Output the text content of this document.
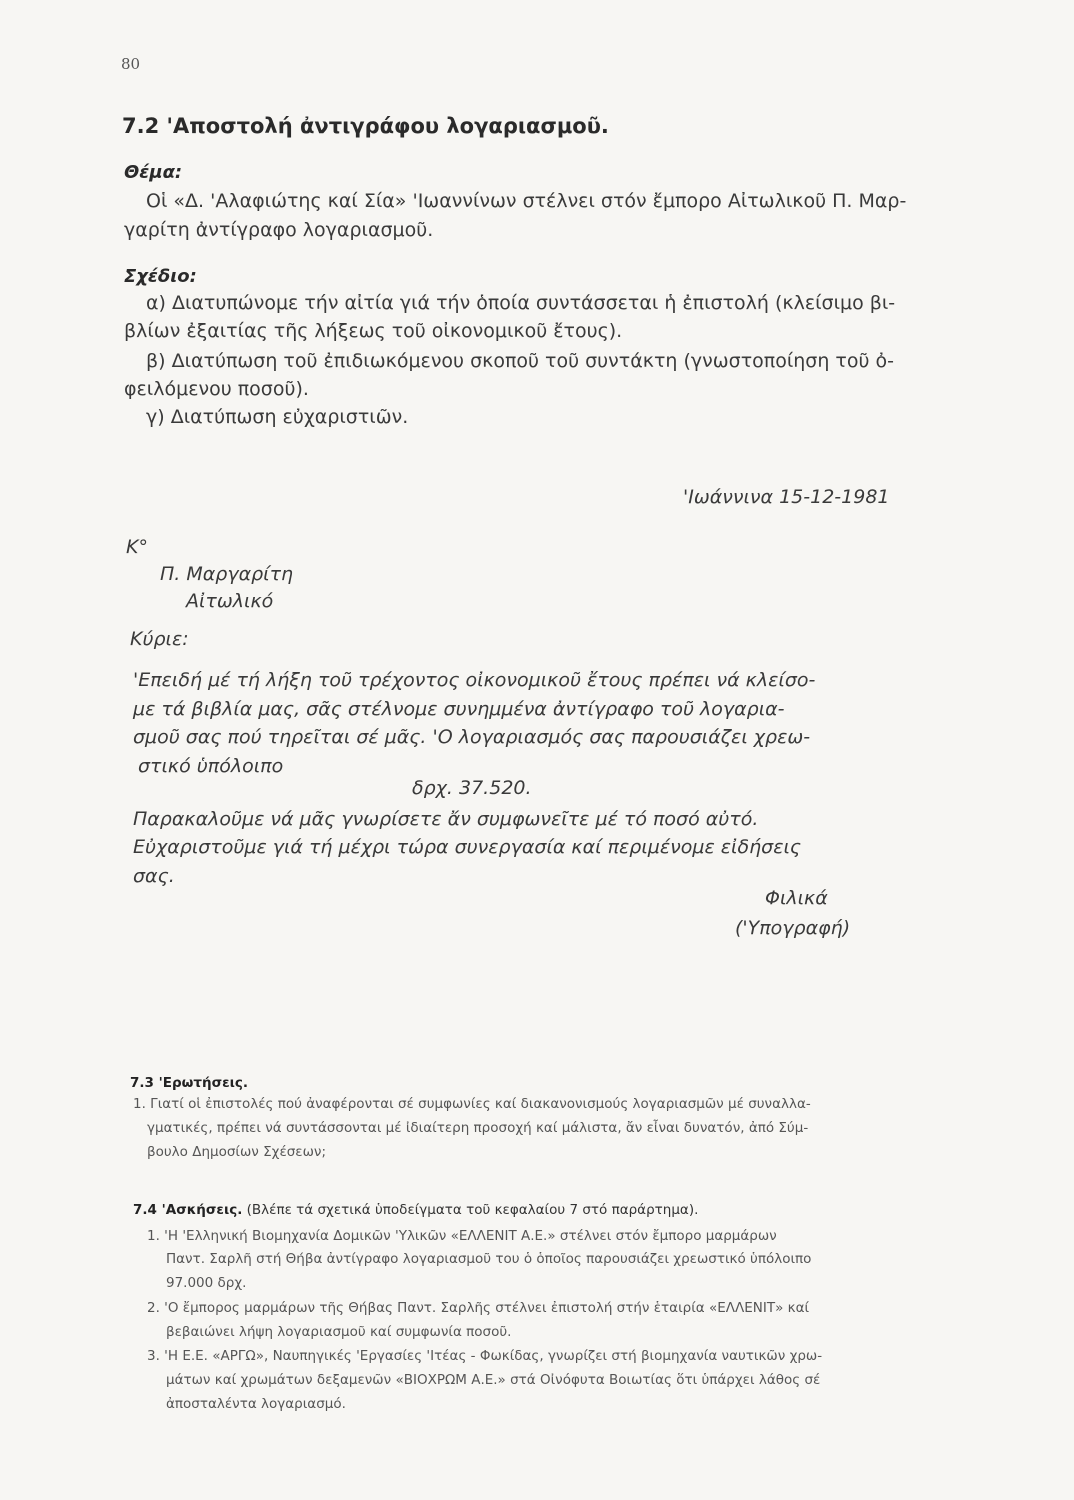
80
7.2 'Αποστολή ἀντιγράφου λογαριασμοῦ.
Θέμα:

Οἱ «Δ. 'Αλαφιώτης καί Σία» 'Ιωαννίνων στέλνει στόν ἔμπορο Αἰτωλικοῦ Π. Μαρ-

γαρίτη ἀντίγραφο λογαριασμοῦ.

Σχέδιο:

α) Διατυπώνομε τήν αἰτία γιά τήν ὁποία συντάσσεται ἡ ἐπιστολή (κλείσιμο βι-

βλίων ἐξαιτίας τῆς λήξεως τοῦ οἰκονομικοῦ ἔτους).

β) Διατύπωση τοῦ ἐπιδιωκόμενου σκοποῦ τοῦ συντάκτη (γνωστοποίηση τοῦ ὀ-

φειλόμενου ποσοῦ).

γ) Διατύπωση εὐχαριστιῶν.

'Ιωάννινα 15-12-1981

Κ°

Π. Μαργαρίτη

Αἰτωλικό

Κύριε:

'Επειδή μέ τή λήξη τοῦ τρέχοντος οἰκονομικοῦ ἔτους πρέπει νά κλείσο-

με τά βιβλία μας, σᾶς στέλνομε συνημμένα ἀντίγραφο τοῦ λογαρια-

σμοῦ σας πού τηρεῖται σέ μᾶς. 'Ο λογαριασμός σας παρουσιάζει χρεω-

στικό ὑπόλοιπο

δρχ. 37.520.

Παρακαλοῦμε νά μᾶς γνωρίσετε ἄν συμφωνεῖτε μέ τό ποσό αὐτό.

Εὐχαριστοῦμε γιά τή μέχρι τώρα συνεργασία καί περιμένομε εἰδήσεις

σας.

Φιλικά

('Υπογραφή)

7.3 'Ερωτήσεις.

1. Γιατί οἱ ἐπιστολές πού ἀναφέρονται σέ συμφωνίες καί διακανονισμούς λογαριασμῶν μέ συναλλα-

γματικές, πρέπει νά συντάσσονται μέ ἰδιαίτερη προσοχή καί μάλιστα, ἄν εἶναι δυνατόν, ἀπό Σύμ-

βουλο Δημοσίων Σχέσεων;

7.4 'Ασκήσεις. (Βλέπε τά σχετικά ὑποδείγματα τοῦ κεφαλαίου 7 στό παράρτημα).

1. 'Η 'Ελληνική Βιομηχανία Δομικῶν 'Υλικῶν «ΕΛΛΕΝΙΤ Α.Ε.» στέλνει στόν ἔμπορο μαρμάρων

Παντ. Σαρλῆ στή Θήβα ἀντίγραφο λογαριασμοῦ του ὁ ὁποῖος παρουσιάζει χρεωστικό ὑπόλοιπο

97.000 δρχ.

2. 'Ο ἔμπορος μαρμάρων τῆς Θήβας Παντ. Σαρλῆς στέλνει ἐπιστολή στήν ἑταιρία «ΕΛΛΕΝΙΤ» καί

βεβαιώνει λήψη λογαριασμοῦ καί συμφωνία ποσοῦ.

3. 'Η Ε.Ε. «ΑΡΓΩ», Ναυπηγικές 'Εργασίες 'Ιτέας - Φωκίδας, γνωρίζει στή βιομηχανία ναυτικῶν χρω-

μάτων καί χρωμάτων δεξαμενῶν «ΒΙΟΧΡΩΜ Α.Ε.» στά Οἰνόφυτα Βοιωτίας ὅτι ὑπάρχει λάθος σέ

ἀποσταλέντα λογαριασμό.
